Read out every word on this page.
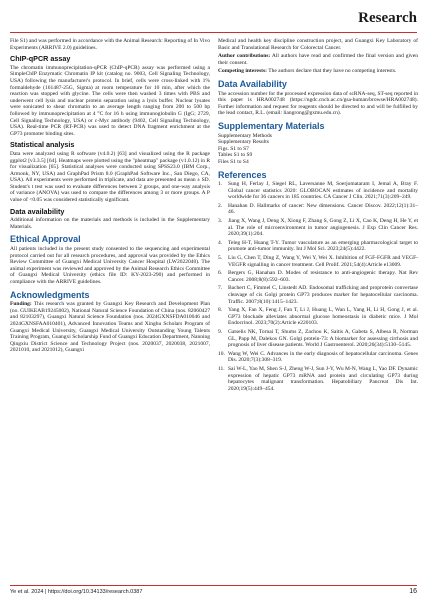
Research

File S1) and was performed in accordance with the Animal Research: Reporting of In Vivo Experiments (ARRIVE 2.0) guidelines.

ChIP-qPCR assay

The chromatin immunoprecipitation-qPCR (ChIP-qPCR) assay was performed using a SimpleChIP Enzymatic Chromatin IP kit (catalog no. 9003, Cell Signaling Technology, USA) following the manufacturer's protocol. In brief, cells were cross-linked with 1% formaldehyde (161487-25G, Sigma) at room temperature for 10 min, after which the reaction was stopped with glycine. The cells were then washed 3 times with PBS and underwent cell lysis and nuclear protein separation using a lysis buffer. Nuclear lysates were sonicated to shear chromatin to an average length ranging from 200 to 500 bp followed by immunoprecipitation at 4 °C for 16 h using immunoglobulin G (IgG; 2729, Cell Signaling Technology, USA) or c-Myc antibody (9402, Cell Signaling Technology, USA). Real-time PCR (RT-PCR) was used to detect DNA fragment enrichment at the GP73 promoter binding sites.

Statistical analysis

Data were analyzed using R software (v4.0.2) [63] and visualized using the R package ggplot2 [v3.3.5] [64]. Heatmaps were plotted using the "pheatmap" package (v1.0.12) in R for visualization [65]. Statistical analyses were conducted using SPSS23.0 (IBM Corp., Armonk, NY, USA) and GraphPad Prism 8.0 (GraphPad Software Inc., San Diego, CA, USA). All experiments were performed in triplicate, and data are presented as mean ± SD. Student's t test was used to evaluate differences between 2 groups, and one-way analysis of variance (ANOVA) was used to compare the differences among 3 or more groups. A P value of <0.05 was considered statistically significant.

Data availability

Additional information on the materials and methods is included in the Supplementary Materials.

Ethical Approval

All patients included in the present study consented to the sequencing and experimental protocol carried out for all research procedures, and approval was provided by the Ethics Review Committee of Guangxi Medical University Cancer Hospital (LW2022040). The animal experiment was reviewed and approved by the Animal Research Ethics Committee of Guangxi Medical University (ethics file ID: KY-2023-290) and performed in compliance with the ARRIVE guidelines.

Acknowledgments

Funding: This research was granted by Guangxi Key Research and Development Plan (no. GUIKEAB19245002), National Natural Science Foundation of China (nos. 82060427 and 82103297), Guangxi Natural Science Foundation (nos. 2024GXNSFDA010046 and 2024GXNSFAA010401), Advanced Innovation Teams and Xinghu Scholars Program of Guangxi Medical University, Guangxi Medical University Outstanding Young Talents Training Program, Guangxi Scholarship Fund of Guangxi Education Department, Nanning Qingxiu District Science and Technology Project (nos. 2020037, 2020038, 2021007, 2021010, and 2021012), Guangxi

Medical and health key discipline construction project, and Guangxi Key Laboratory of Basic and Translational Research for Colorectal Cancer.

Author contributions: All authors have read and confirmed the final version and given their consent.

Competing interests: The authors declare that they have no competing interests.

Data Availability

The accession number for the processed expression data of scRNA-seq, ST-seq reported in this paper is HRA002748 (https://ngdc.cncb.ac.cn/gsa-human/browse/HRA002748). Further information and request for reagents should be directed to and will be fulfilled by the lead contact, R.L. (email: liangrong@gxmu.edu.cn).

Supplementary Materials
Supplementary Methods
Supplementary Results
Figs. S1 to S7
Tables S1 to S9
Files S1 to S4
References
1.	Sung H, Ferlay J, Siegel RL, Laversanne M, Soerjomataram I, Jemal A, Bray F. Global cancer statistics 2020: GLOBOCAN estimates of incidence and mortality worldwide for 36 cancers in 185 countries. CA Cancer J Clin. 2021;71(3):209–249.
2.	Hanahan D. Hallmarks of cancer: New dimensions. Cancer Discov. 2022;12(1):31–46.
3.	Jiang X, Wang J, Deng X, Xiong F, Zhang S, Gong Z, Li X, Cao K, Deng H, He Y, et al. The role of microenvironment in tumor angiogenesis. J Exp Clin Cancer Res. 2020;39(1):204.
4.	Teleg H-T, Huang T-Y. Tumor vasculature as an emerging pharmacological target to promote anti-tumor immunity. Int J Mol Sci. 2023;24(5):4422.
5.	Liu G, Chen T, Ding Z, Wang Y, Wei Y, Wei X. Inhibition of FGF-FGFR and VEGF-VEGFR signalling in cancer treatment. Cell Prolif. 2021;54(4):Article e13009.
6.	Bergers G, Hanahan D. Modes of resistance to anti-angiogenic therapy. Nat Rev Cancer. 2008;8(8):592–603.
7.	Bachert C, Fimmel C, Linstedt AD. Endosomal trafficking and proprotein convertase cleavage of cis Golgi protein GP73 produces marker for hepatocellular carcinoma. Traffic. 2007;8(10):1415–1423.
8.	Yang X, Fan X, Feng J, Fan T, Li J, Huang L, Wan L, Yang H, Li H, Gong J, et al. GP73 blockade alleviates abnormal glucose homeostasis in diabetic mice. J Mol Endocrinol. 2023;70(2):Article e220103.
9.	Gatselis NK, Tornai T, Shums Z, Zachou K, Saitis A, Gabeta S, Albesa R, Norman GL, Papp M, Dalekos GN. Golgi protein-73: A biomarker for assessing cirrhosis and prognosis of liver disease patients. World J Gastroenterol. 2020;26(34):5130–5145.
10. Wang W, Wei C. Advances in the early diagnosis of hepatocellular carcinoma. Genes Dis. 2020;7(3):308–319.
11. Sai W-L, Yao M, Shen S-J, Zheng W-J, Sun J-Y, Wu M-N, Wang L, Yao DF. Dynamic expression of hepatic GP73 mRNA and protein and circulating GP73 during hepatocytes malignant transformation. Hepatobiliary Pancreat Dis Int. 2020;19(5):449–454.
Ye et al. 2024 | https://doi.org/10.34133/research.0387	16
